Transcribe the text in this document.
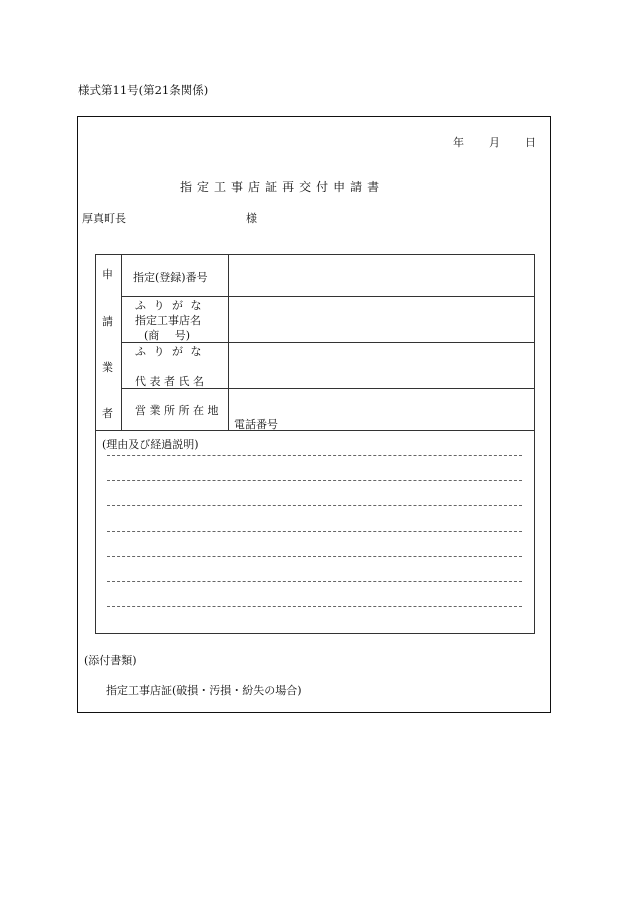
様式第11号(第21条関係)
年 月 日
指 定 工 事 店 証 再 交 付 申 請 書
厚真町長	様
申
請
業
者
指定(登録)番号
ふ り が な
指定工事店名
(商 号)
ふ り が な
代 表 者 氏 名
営 業 所 所 在 地
電話番号
(理由及び経過説明)
(添付書類)
指定工事店証(破損・汚損・紛失の場合)
